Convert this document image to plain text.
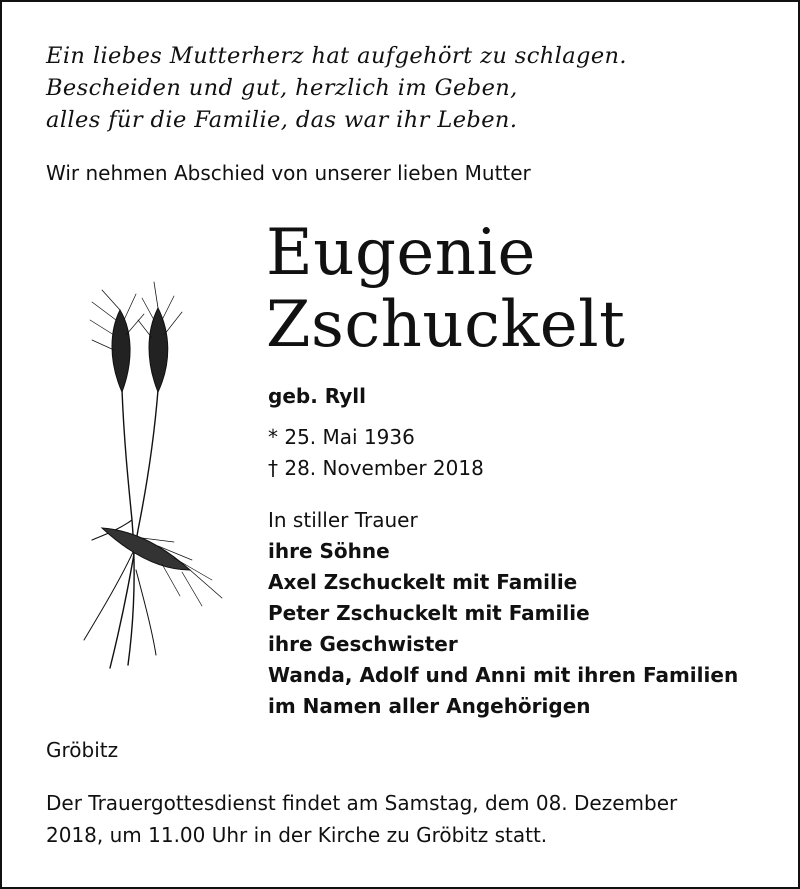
Ein liebes Mutterherz hat aufgehört zu schlagen.
Bescheiden und gut, herzlich im Geben,
alles für die Familie, das war ihr Leben.
Wir nehmen Abschied von unserer lieben Mutter
Eugenie
Zschuckelt
geb. Ryll
* 25. Mai 1936
† 28. November 2018
In stiller Trauer
ihre Söhne
Axel Zschuckelt mit Familie
Peter Zschuckelt mit Familie
ihre Geschwister
Wanda, Adolf und Anni mit ihren Familien
im Namen aller Angehörigen
Gröbitz
Der Trauergottesdienst findet am Samstag, dem 08. Dezember
2018, um 11.00 Uhr in der Kirche zu Gröbitz statt.
